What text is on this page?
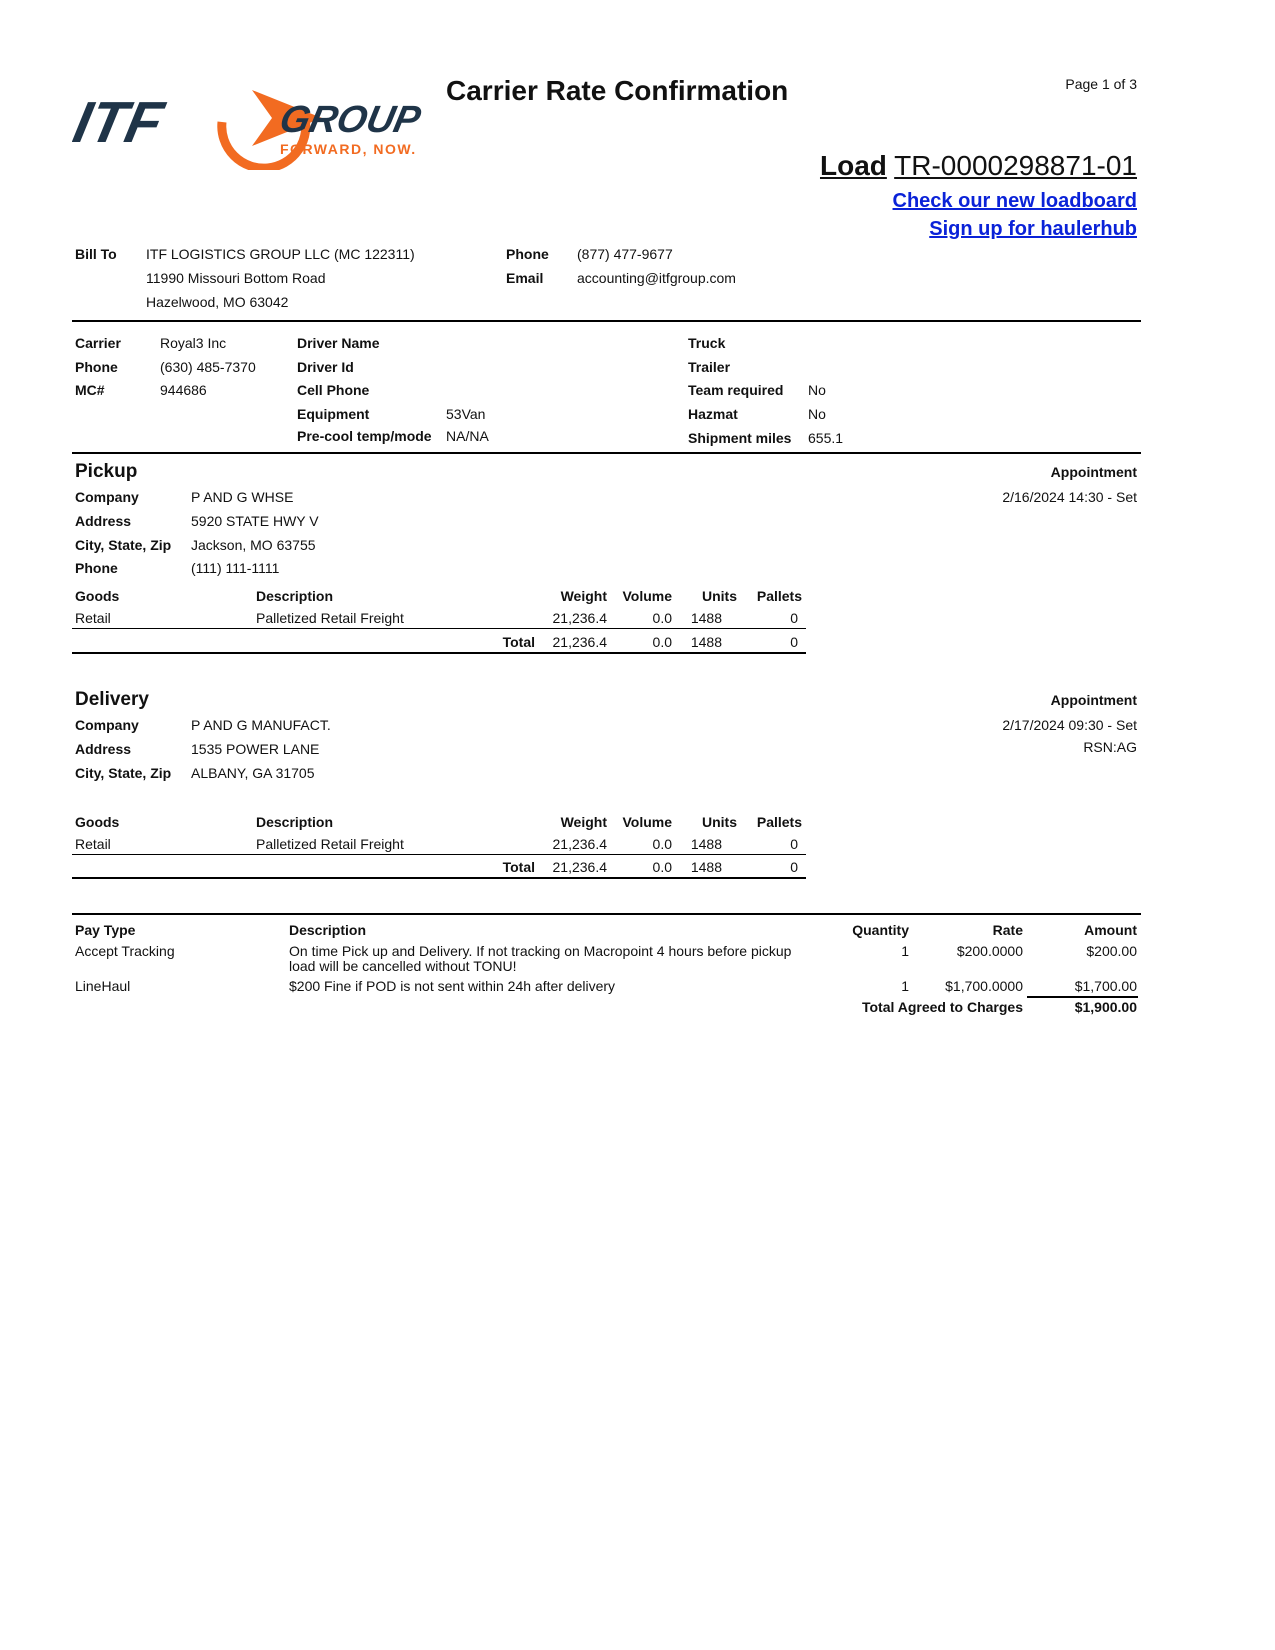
ITF	GROUP
FORWARD, NOW.
Carrier Rate Confirmation	Page 1 of 3
Load TR-0000298871-01
Check our new loadboard
Sign up for haulerhub
Bill To ITF LOGISTICS GROUP LLC (MC 122311)
11990 Missouri Bottom Road
Hazelwood, MO 63042
Phone (877) 477-9677
Email accounting@itfgroup.com
Carrier	Royal3 Inc
Phone	(630) 485-7370
MC#	944686
Driver Name
Driver Id
Cell Phone
Equipment	53Van
Pre-cool temp/mode NA/NA
Truck
Trailer
Team required No
Hazmat	No
Shipment miles 655.1
Pickup	Appointment
2/16/2024 14:30 - Set
Company	P AND G WHSE
Address	5920 STATE HWY V
City, State, Zip Jackson, MO 63755
Phone	(111) 111-1111
Goods	Description	Weight Volume Units Pallets
Retail	Palletized Retail Freight	21,236.4	0.0 1488	0
Total 21,236.4	0.0 1488	0
Delivery	Appointment
2/17/2024 09:30 - Set
RSN:AG
Company	P AND G MANUFACT.
Address	1535 POWER LANE
City, State, Zip ALBANY, GA 31705
Goods	Description	Weight Volume Units Pallets
Retail	Palletized Retail Freight	21,236.4	0.0 1488	0
Total 21,236.4	0.0 1488	0
Pay Type	Description	Quantity	Rate	Amount
Accept Tracking	On time Pick up and Delivery. If not tracking on Macropoint 4 hours before pickup
load will be cancelled without TONU!
1	$200.0000	$200.00
LineHaul	$200 Fine if POD is not sent within 24h after delivery	1	$1,700.0000	$1,700.00
Total Agreed to Charges	$1,900.00
